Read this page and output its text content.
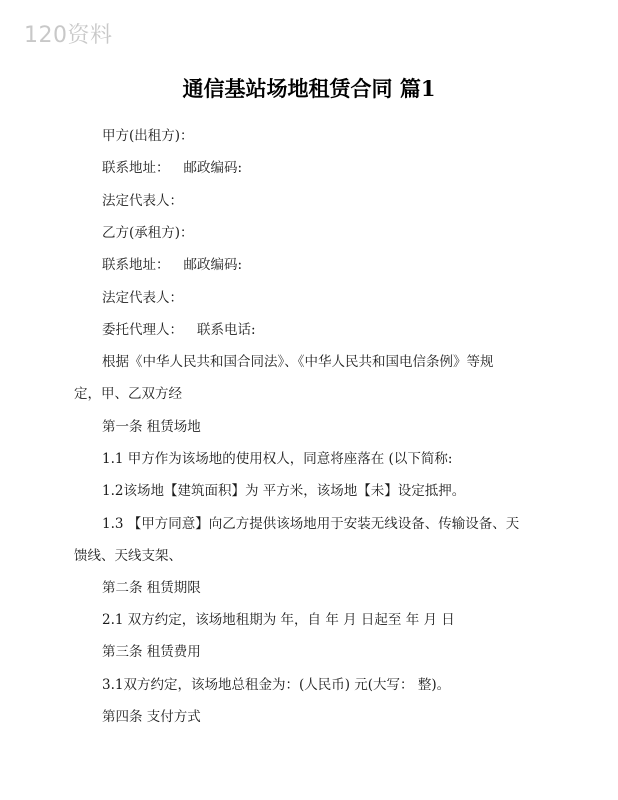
120资料
通信基站场地租赁合同 篇1
甲方(出租方)：
联系地址： 邮政编码:
法定代表人：
乙方(承租方)：
联系地址： 邮政编码:
法定代表人：
委托代理人： 联系电话:
根据《中华人民共和国合同法》、《中华人民共和国电信条例》等规
定，甲、乙双方经
第一条 租赁场地
1.1 甲方作为该场地的使用权人，同意将座落在 (以下简称:
1.2该场地【建筑面积】为 平方米，该场地【未】设定抵押。
1.3 【甲方同意】向乙方提供该场地用于安装无线设备、传输设备、天
馈线、天线支架、
第二条 租赁期限
2.1 双方约定，该场地租期为 年，自 年 月 日起至 年 月 日
第三条 租赁费用
3.1双方约定，该场地总租金为：(人民币) 元(大写： 整)。
第四条 支付方式
